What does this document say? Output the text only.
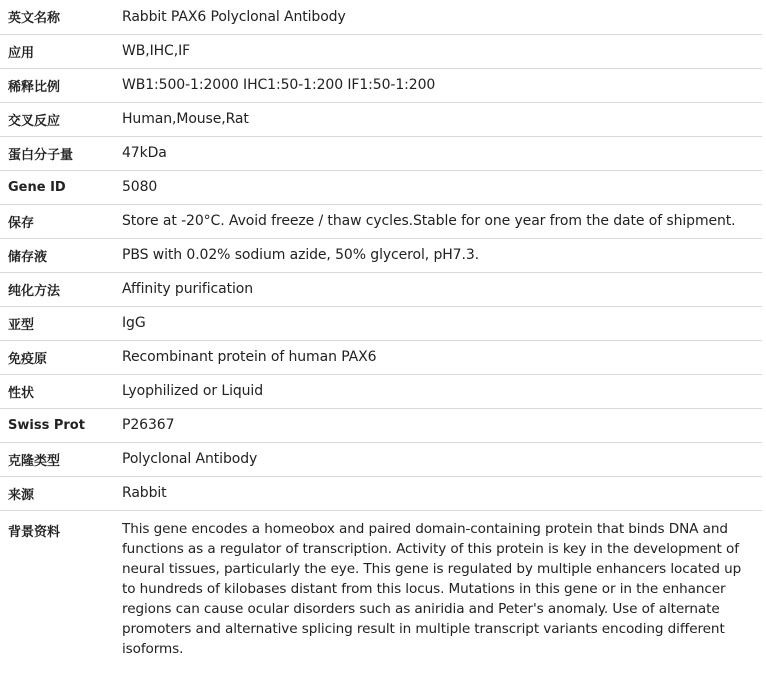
英文名称	Rabbit PAX6 Polyclonal Antibody
应用	WB,IHC,IF
稀释比例	WB1:500-1:2000 IHC1:50-1:200 IF1:50-1:200
交叉反应	Human,Mouse,Rat
蛋白分子量	47kDa
Gene ID	5080
保存	Store at -20°C. Avoid freeze / thaw cycles.Stable for one year from the date of shipment.
储存液	PBS with 0.02% sodium azide, 50% glycerol, pH7.3.
纯化方法	Affinity purification
亚型	IgG
免疫原	Recombinant protein of human PAX6
性状	Lyophilized or Liquid
Swiss Prot	P26367
克隆类型	Polyclonal Antibody
来源	Rabbit
背景资料	This gene encodes a homeobox and paired domain-containing protein that binds DNA and functions as a regulator of transcription. Activity of this protein is key in the development of neural tissues, particularly the eye. This gene is regulated by multiple enhancers located up to hundreds of kilobases distant from this locus. Mutations in this gene or in the enhancer regions can cause ocular disorders such as aniridia and Peter's anomaly. Use of alternate promoters and alternative splicing result in multiple transcript variants encoding different isoforms.
